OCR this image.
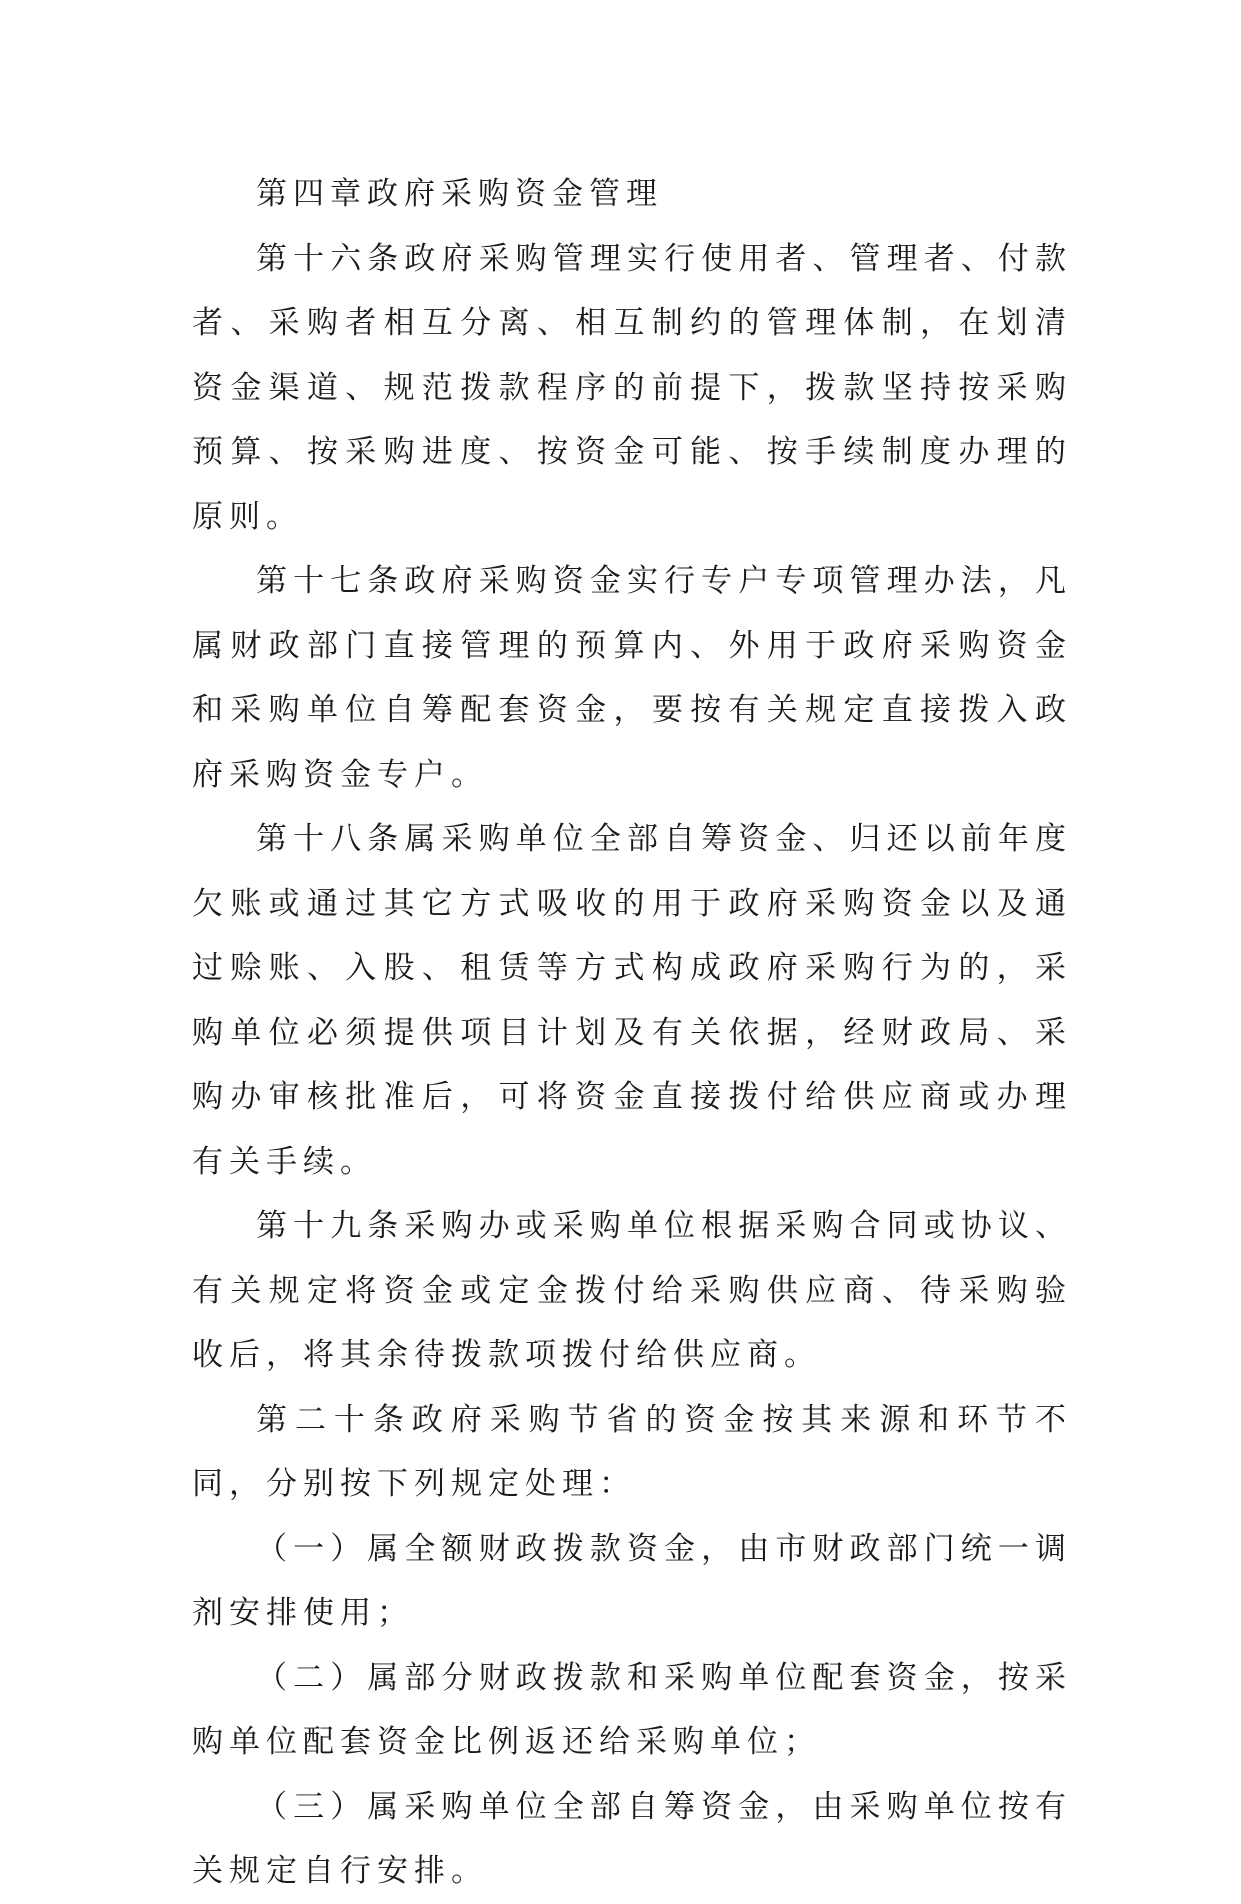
第四章政府采购资金管理

第十六条政府采购管理实行使用者、管理者、付款者、采购者相互分离、相互制约的管理体制，在划清资金渠道、规范拨款程序的前提下，拨款坚持按采购预算、按采购进度、按资金可能、按手续制度办理的原则。

第十七条政府采购资金实行专户专项管理办法，凡属财政部门直接管理的预算内、外用于政府采购资金和采购单位自筹配套资金，要按有关规定直接拨入政府采购资金专户。

第十八条属采购单位全部自筹资金、归还以前年度欠账或通过其它方式吸收的用于政府采购资金以及通过赊账、入股、租赁等方式构成政府采购行为的，采购单位必须提供项目计划及有关依据，经财政局、采购办审核批准后，可将资金直接拨付给供应商或办理有关手续。

第十九条采购办或采购单位根据采购合同或协议、有关规定将资金或定金拨付给采购供应商、待采购验收后，将其余待拨款项拨付给供应商。

第二十条政府采购节省的资金按其来源和环节不同，分别按下列规定处理：

（一）属全额财政拨款资金，由市财政部门统一调剂安排使用；

（二）属部分财政拨款和采购单位配套资金，按采购单位配套资金比例返还给采购单位；

（三）属采购单位全部自筹资金，由采购单位按有关规定自行安排。
